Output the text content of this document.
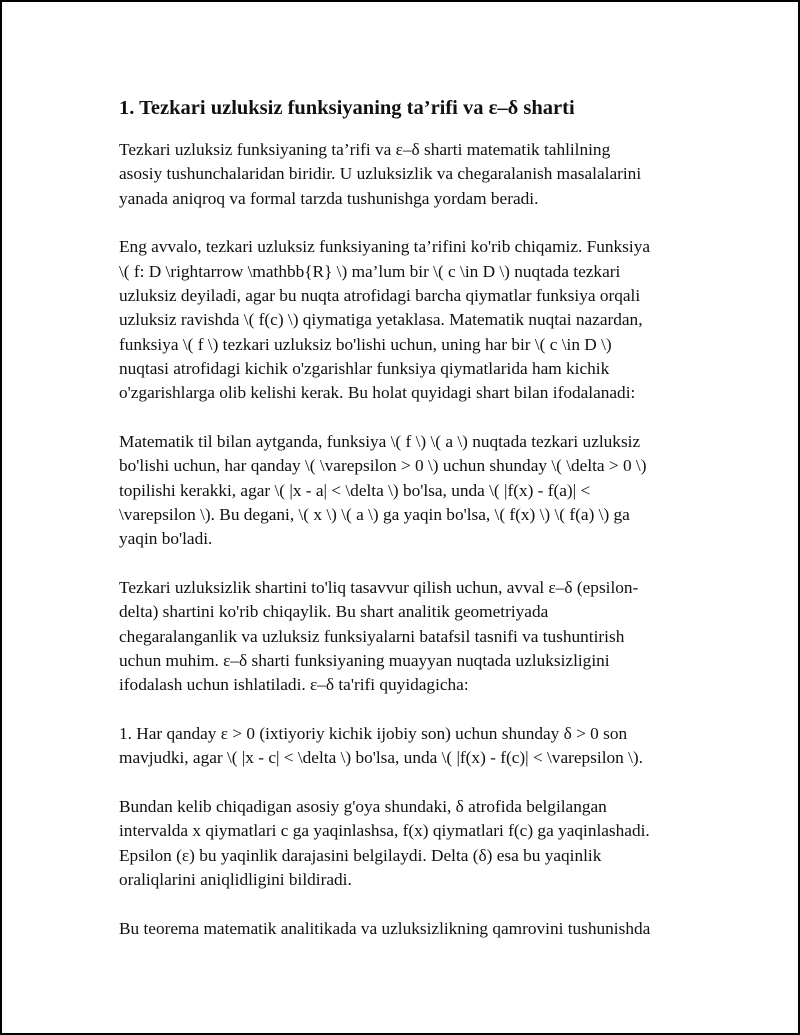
1. Tezkari uzluksiz funksiyaning ta’rifi va ε–δ sharti

Tezkari uzluksiz funksiyaning ta’rifi va ε–δ sharti matematik tahlilning
asosiy tushunchalaridan biridir. U uzluksizlik va chegaralanish masalalarini
yanada aniqroq va formal tarzda tushunishga yordam beradi.

Eng avvalo, tezkari uzluksiz funksiyaning ta’rifini ko'rib chiqamiz. Funksiya
\( f: D \rightarrow \mathbb{R} \) ma’lum bir \( c \in D \) nuqtada tezkari
uzluksiz deyiladi, agar bu nuqta atrofidagi barcha qiymatlar funksiya orqali
uzluksiz ravishda \( f(c) \) qiymatiga yetaklasa. Matematik nuqtai nazardan,
funksiya \( f \) tezkari uzluksiz bo'lishi uchun, uning har bir \( c \in D \)
nuqtasi atrofidagi kichik o'zgarishlar funksiya qiymatlarida ham kichik
o'zgarishlarga olib kelishi kerak. Bu holat quyidagi shart bilan ifodalanadi:

Matematik til bilan aytganda, funksiya \( f \) \( a \) nuqtada tezkari uzluksiz
bo'lishi uchun, har qanday \( \varepsilon > 0 \) uchun shunday \( \delta > 0 \)
topilishi kerakki, agar \( |x - a| < \delta \) bo'lsa, unda \( |f(x) - f(a)| <
\varepsilon \). Bu degani, \( x \) \( a \) ga yaqin bo'lsa, \( f(x) \) \( f(a) \) ga
yaqin bo'ladi.

Tezkari uzluksizlik shartini to'liq tasavvur qilish uchun, avval ε–δ (epsilon-
delta) shartini ko'rib chiqaylik. Bu shart analitik geometriyada
chegaralanganlik va uzluksiz funksiyalarni batafsil tasnifi va tushuntirish
uchun muhim. ε–δ sharti funksiyaning muayyan nuqtada uzluksizligini
ifodalash uchun ishlatiladi. ε–δ ta'rifi quyidagicha:

1. Har qanday ε > 0 (ixtiyoriy kichik ijobiy son) uchun shunday δ > 0 son
mavjudki, agar \( |x - c| < \delta \) bo'lsa, unda \( |f(x) - f(c)| < \varepsilon \).

Bundan kelib chiqadigan asosiy g'oya shundaki, δ atrofida belgilangan
intervalda x qiymatlari c ga yaqinlashsa, f(x) qiymatlari f(c) ga yaqinlashadi.
Epsilon (ε) bu yaqinlik darajasini belgilaydi. Delta (δ) esa bu yaqinlik
oraliqlarini aniqlidligini bildiradi.

Bu teorema matematik analitikada va uzluksizlikning qamrovini tushunishda
